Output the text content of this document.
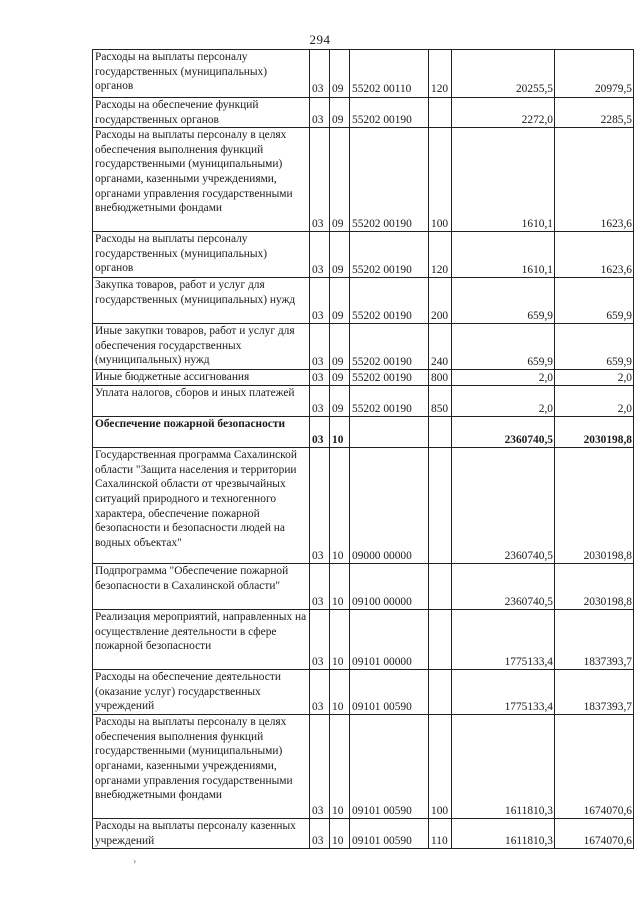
294
Расходы на выплаты персоналу государственных (муниципальных) органов	03	09	55202 00110	120	20255,5	20979,5
Расходы на обеспечение функций государственных органов	03	09	55202 00190		2272,0	2285,5
Расходы на выплаты персоналу в целях обеспечения выполнения функций государственными (муниципальными) органами, казенными учреждениями, органами управления государственными внебюджетными фондами	03	09	55202 00190	100	1610,1	1623,6
Расходы на выплаты персоналу государственных (муниципальных) органов	03	09	55202 00190	120	1610,1	1623,6
Закупка товаров, работ и услуг для государственных (муниципальных) нужд	03	09	55202 00190	200	659,9	659,9
Иные закупки товаров, работ и услуг для обеспечения государственных (муниципальных) нужд	03	09	55202 00190	240	659,9	659,9
Иные бюджетные ассигнования	03	09	55202 00190	800	2,0	2,0
Уплата налогов, сборов и иных платежей	03	09	55202 00190	850	2,0	2,0
Обеспечение пожарной безопасности	03	10			2360740,5	2030198,8
Государственная программа Сахалинской области "Защита населения и территории Сахалинской области от чрезвычайных ситуаций природного и техногенного характера, обеспечение пожарной безопасности и безопасности людей на водных объектах"	03	10	09000 00000		2360740,5	2030198,8
Подпрограмма "Обеспечение пожарной безопасности в Сахалинской области"	03	10	09100 00000		2360740,5	2030198,8
Реализация мероприятий, направленных на осуществление деятельности в сфере пожарной безопасности	03	10	09101 00000		1775133,4	1837393,7
Расходы на обеспечение деятельности (оказание услуг) государственных учреждений	03	10	09101 00590		1775133,4	1837393,7
Расходы на выплаты персоналу в целях обеспечения выполнения функций государственными (муниципальными) органами, казенными учреждениями, органами управления государственными внебюджетными фондами	03	10	09101 00590	100	1611810,3	1674070,6
Расходы на выплаты персоналу казенных учреждений	03	10	09101 00590	110	1611810,3	1674070,6
›
